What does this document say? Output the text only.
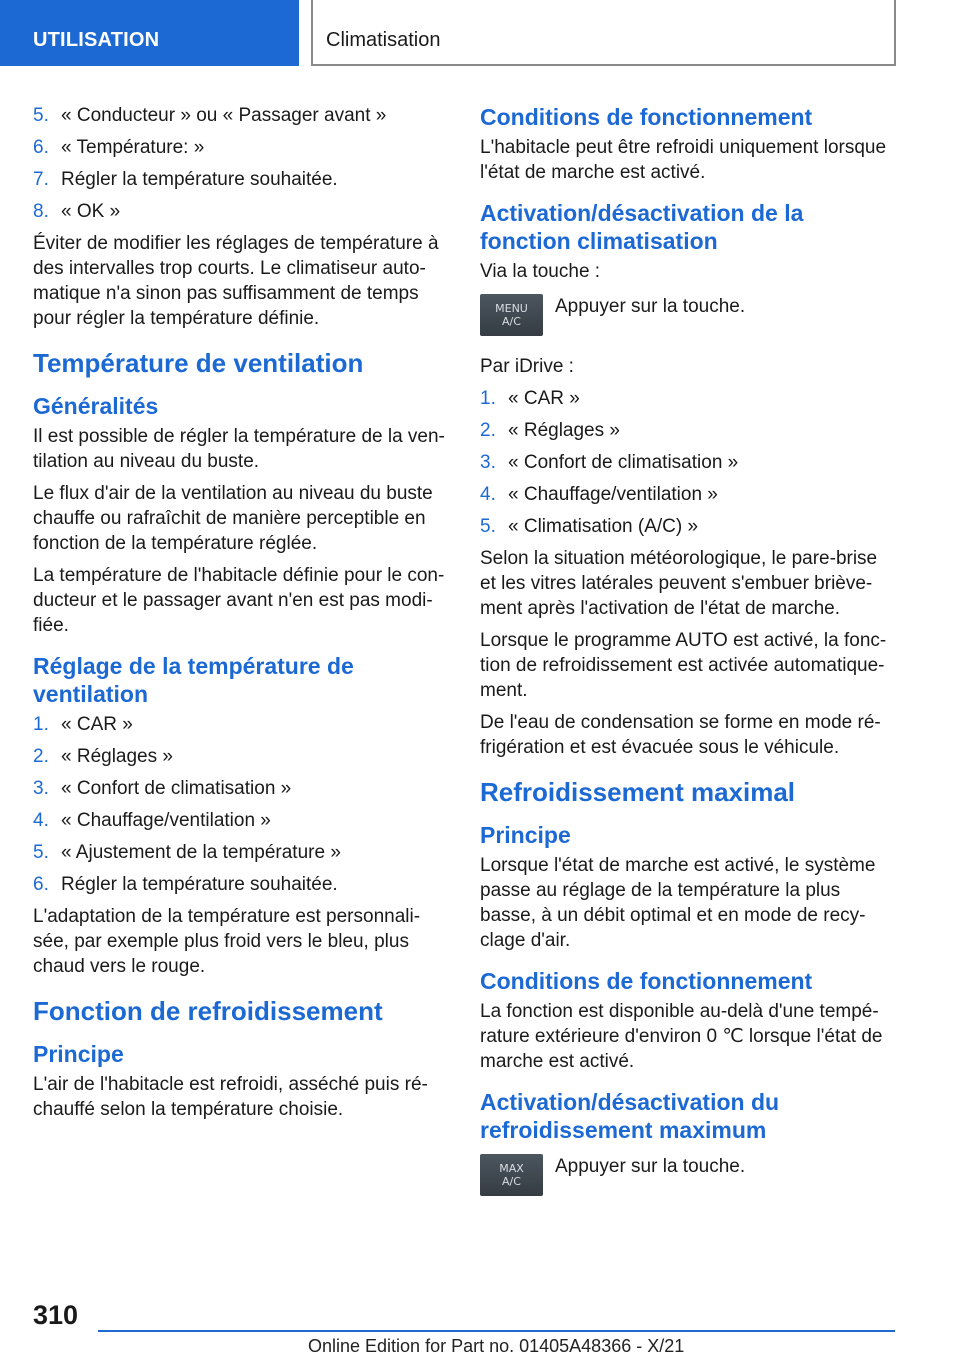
UTILISATION	Climatisation
5. « Conducteur » ou « Passager avant »
6. « Température: »
7. Régler la température souhaitée.
8. « OK »

Éviter de modifier les réglages de température à des intervalles trop courts. Le climatiseur auto-matique n'a sinon pas suffisamment de temps pour régler la température définie.

Température de ventilation
Généralités

Il est possible de régler la température de la ven-tilation au niveau du buste.

Le flux d'air de la ventilation au niveau du buste chauffe ou rafraîchit de manière perceptible en fonction de la température réglée.

La température de l'habitacle définie pour le con-ducteur et le passager avant n'en est pas modi-fiée.

Réglage de la température de ventilation
1. « CAR »
2. « Réglages »
3. « Confort de climatisation »
4. « Chauffage/ventilation »
5. « Ajustement de la température »
6. Régler la température souhaitée.

L'adaptation de la température est personnali-sée, par exemple plus froid vers le bleu, plus chaud vers le rouge.

Fonction de refroidissement
Principe

L'air de l'habitacle est refroidi, asséché puis ré-chauffé selon la température choisie.

Conditions de fonctionnement

L'habitacle peut être refroidi uniquement lorsque l'état de marche est activé.

Activation/désactivation de la fonction climatisation

Via la touche :

MENU
A/C
Appuyer sur la touche.

Par iDrive :

1. « CAR »
2. « Réglages »
3. « Confort de climatisation »
4. « Chauffage/ventilation »
5. « Climatisation (A/C) »

Selon la situation météorologique, le pare-brise et les vitres latérales peuvent s'embuer briève-ment après l'activation de l'état de marche.

Lorsque le programme AUTO est activé, la fonc-tion de refroidissement est activée automatique-ment.

De l'eau de condensation se forme en mode ré-frigération et est évacuée sous le véhicule.

Refroidissement maximal
Principe

Lorsque l'état de marche est activé, le système passe au réglage de la température la plus basse, à un débit optimal et en mode de recy-clage d'air.

Conditions de fonctionnement

La fonction est disponible au-delà d'une tempé-rature extérieure d'environ 0 ℃ lorsque l'état de marche est activé.

Activation/désactivation du refroidissement maximum
MAX
A/C
Appuyer sur la touche.
310
Online Edition for Part no. 01405A48366 - X/21
